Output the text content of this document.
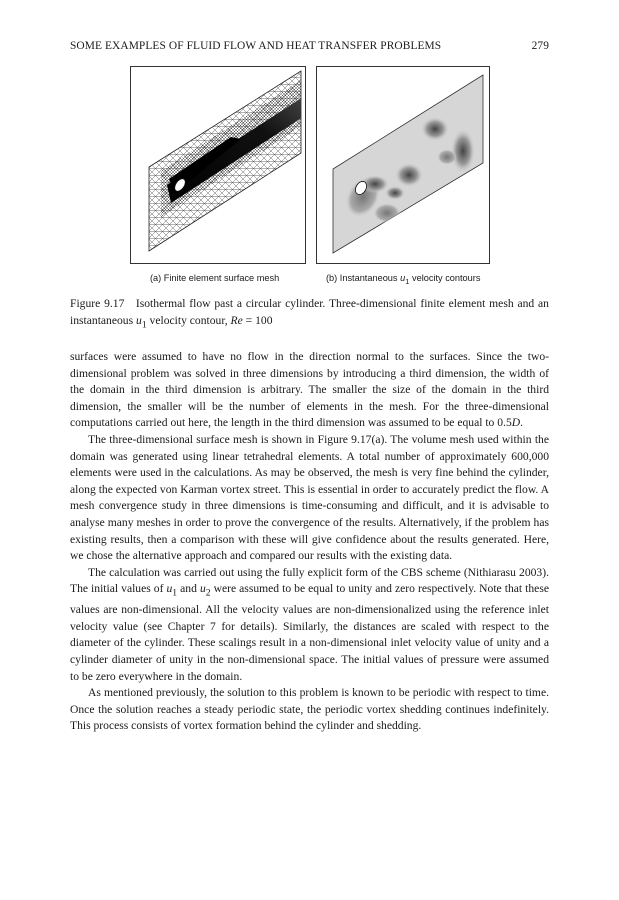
SOME EXAMPLES OF FLUID FLOW AND HEAT TRANSFER PROBLEMS	279
(a) Finite element surface mesh	(b) Instantaneous $u_1$ velocity contours
Figure 9.17 Isothermal flow past a circular cylinder. Three-dimensional finite element mesh and an instantaneous $u_1$ velocity contour, Re = 100

surfaces were assumed to have no flow in the direction normal to the surfaces. Since the two-dimensional problem was solved in three dimensions by introducing a third dimension, the width of the domain in the third dimension is arbitrary. The smaller the size of the domain in the third dimension, the smaller will be the number of elements in the mesh. For the three-dimensional computations carried out here, the length in the third dimension was assumed to be equal to 0.5D.

The three-dimensional surface mesh is shown in Figure 9.17(a). The volume mesh used within the domain was generated using linear tetrahedral elements. A total number of approximately 600,000 elements were used in the calculations. As may be observed, the mesh is very fine behind the cylinder, along the expected von Karman vortex street. This is essential in order to accurately predict the flow. A mesh convergence study in three dimensions is time-consuming and difficult, and it is advisable to analyse many meshes in order to prove the convergence of the results. Alternatively, if the problem has existing results, then a comparison with these will give confidence about the results generated. Here, we chose the alternative approach and compared our results with the existing data.

The calculation was carried out using the fully explicit form of the CBS scheme (Nithiarasu 2003). The initial values of $u_1$ and $u_2$ were assumed to be equal to unity and zero respectively. Note that these values are non-dimensional. All the velocity values are non-dimensionalized using the reference inlet velocity value (see Chapter 7 for details). Similarly, the distances are scaled with respect to the diameter of the cylinder. These scalings result in a non-dimensional inlet velocity value of unity and a cylinder diameter of unity in the non-dimensional space. The initial values of pressure were assumed to be zero everywhere in the domain.

As mentioned previously, the solution to this problem is known to be periodic with respect to time. Once the solution reaches a steady periodic state, the periodic vortex shedding continues indefinitely. This process consists of vortex formation behind the cylinder and shedding.
